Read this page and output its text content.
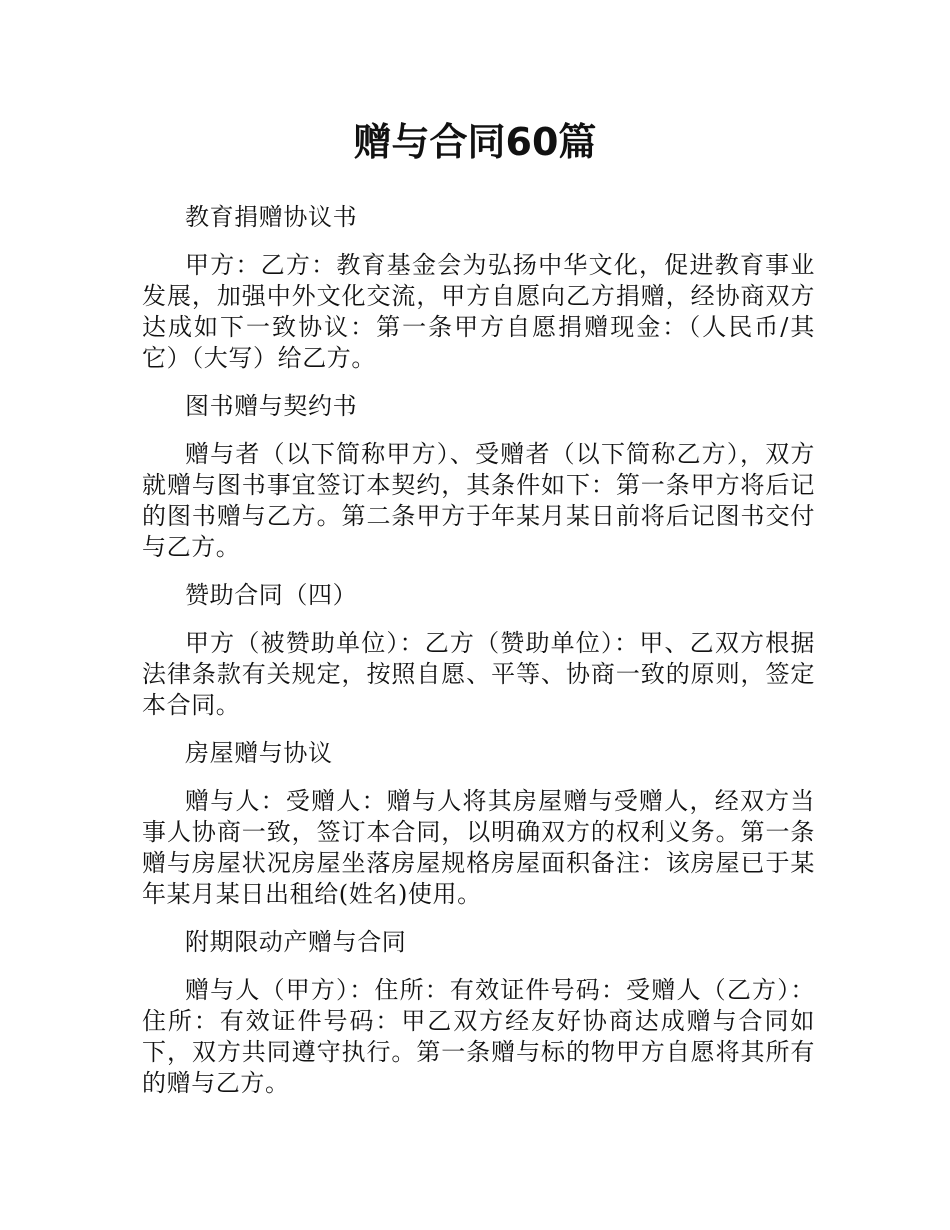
赠与合同60篇

教育捐赠协议书

甲方：乙方：教育基金会为弘扬中华文化，促进教育事业发展，加强中外文化交流，甲方自愿向乙方捐赠，经协商双方达成如下一致协议：第一条甲方自愿捐赠现金：（人民币/其它）（大写）给乙方。

图书赠与契约书

赠与者（以下简称甲方）、受赠者（以下简称乙方），双方就赠与图书事宜签订本契约，其条件如下：第一条甲方将后记的图书赠与乙方。第二条甲方于年某月某日前将后记图书交付与乙方。

赞助合同（四）

甲方（被赞助单位）：乙方（赞助单位）：甲、乙双方根据法律条款有关规定，按照自愿、平等、协商一致的原则，签定本合同。

房屋赠与协议

赠与人：受赠人：赠与人将其房屋赠与受赠人，经双方当事人协商一致，签订本合同，以明确双方的权利义务。第一条赠与房屋状况房屋坐落房屋规格房屋面积备注：该房屋已于某年某月某日出租给(姓名)使用。

附期限动产赠与合同

赠与人（甲方）：住所：有效证件号码：受赠人（乙方）：住所：有效证件号码：甲乙双方经友好协商达成赠与合同如下，双方共同遵守执行。第一条赠与标的物甲方自愿将其所有的赠与乙方。
